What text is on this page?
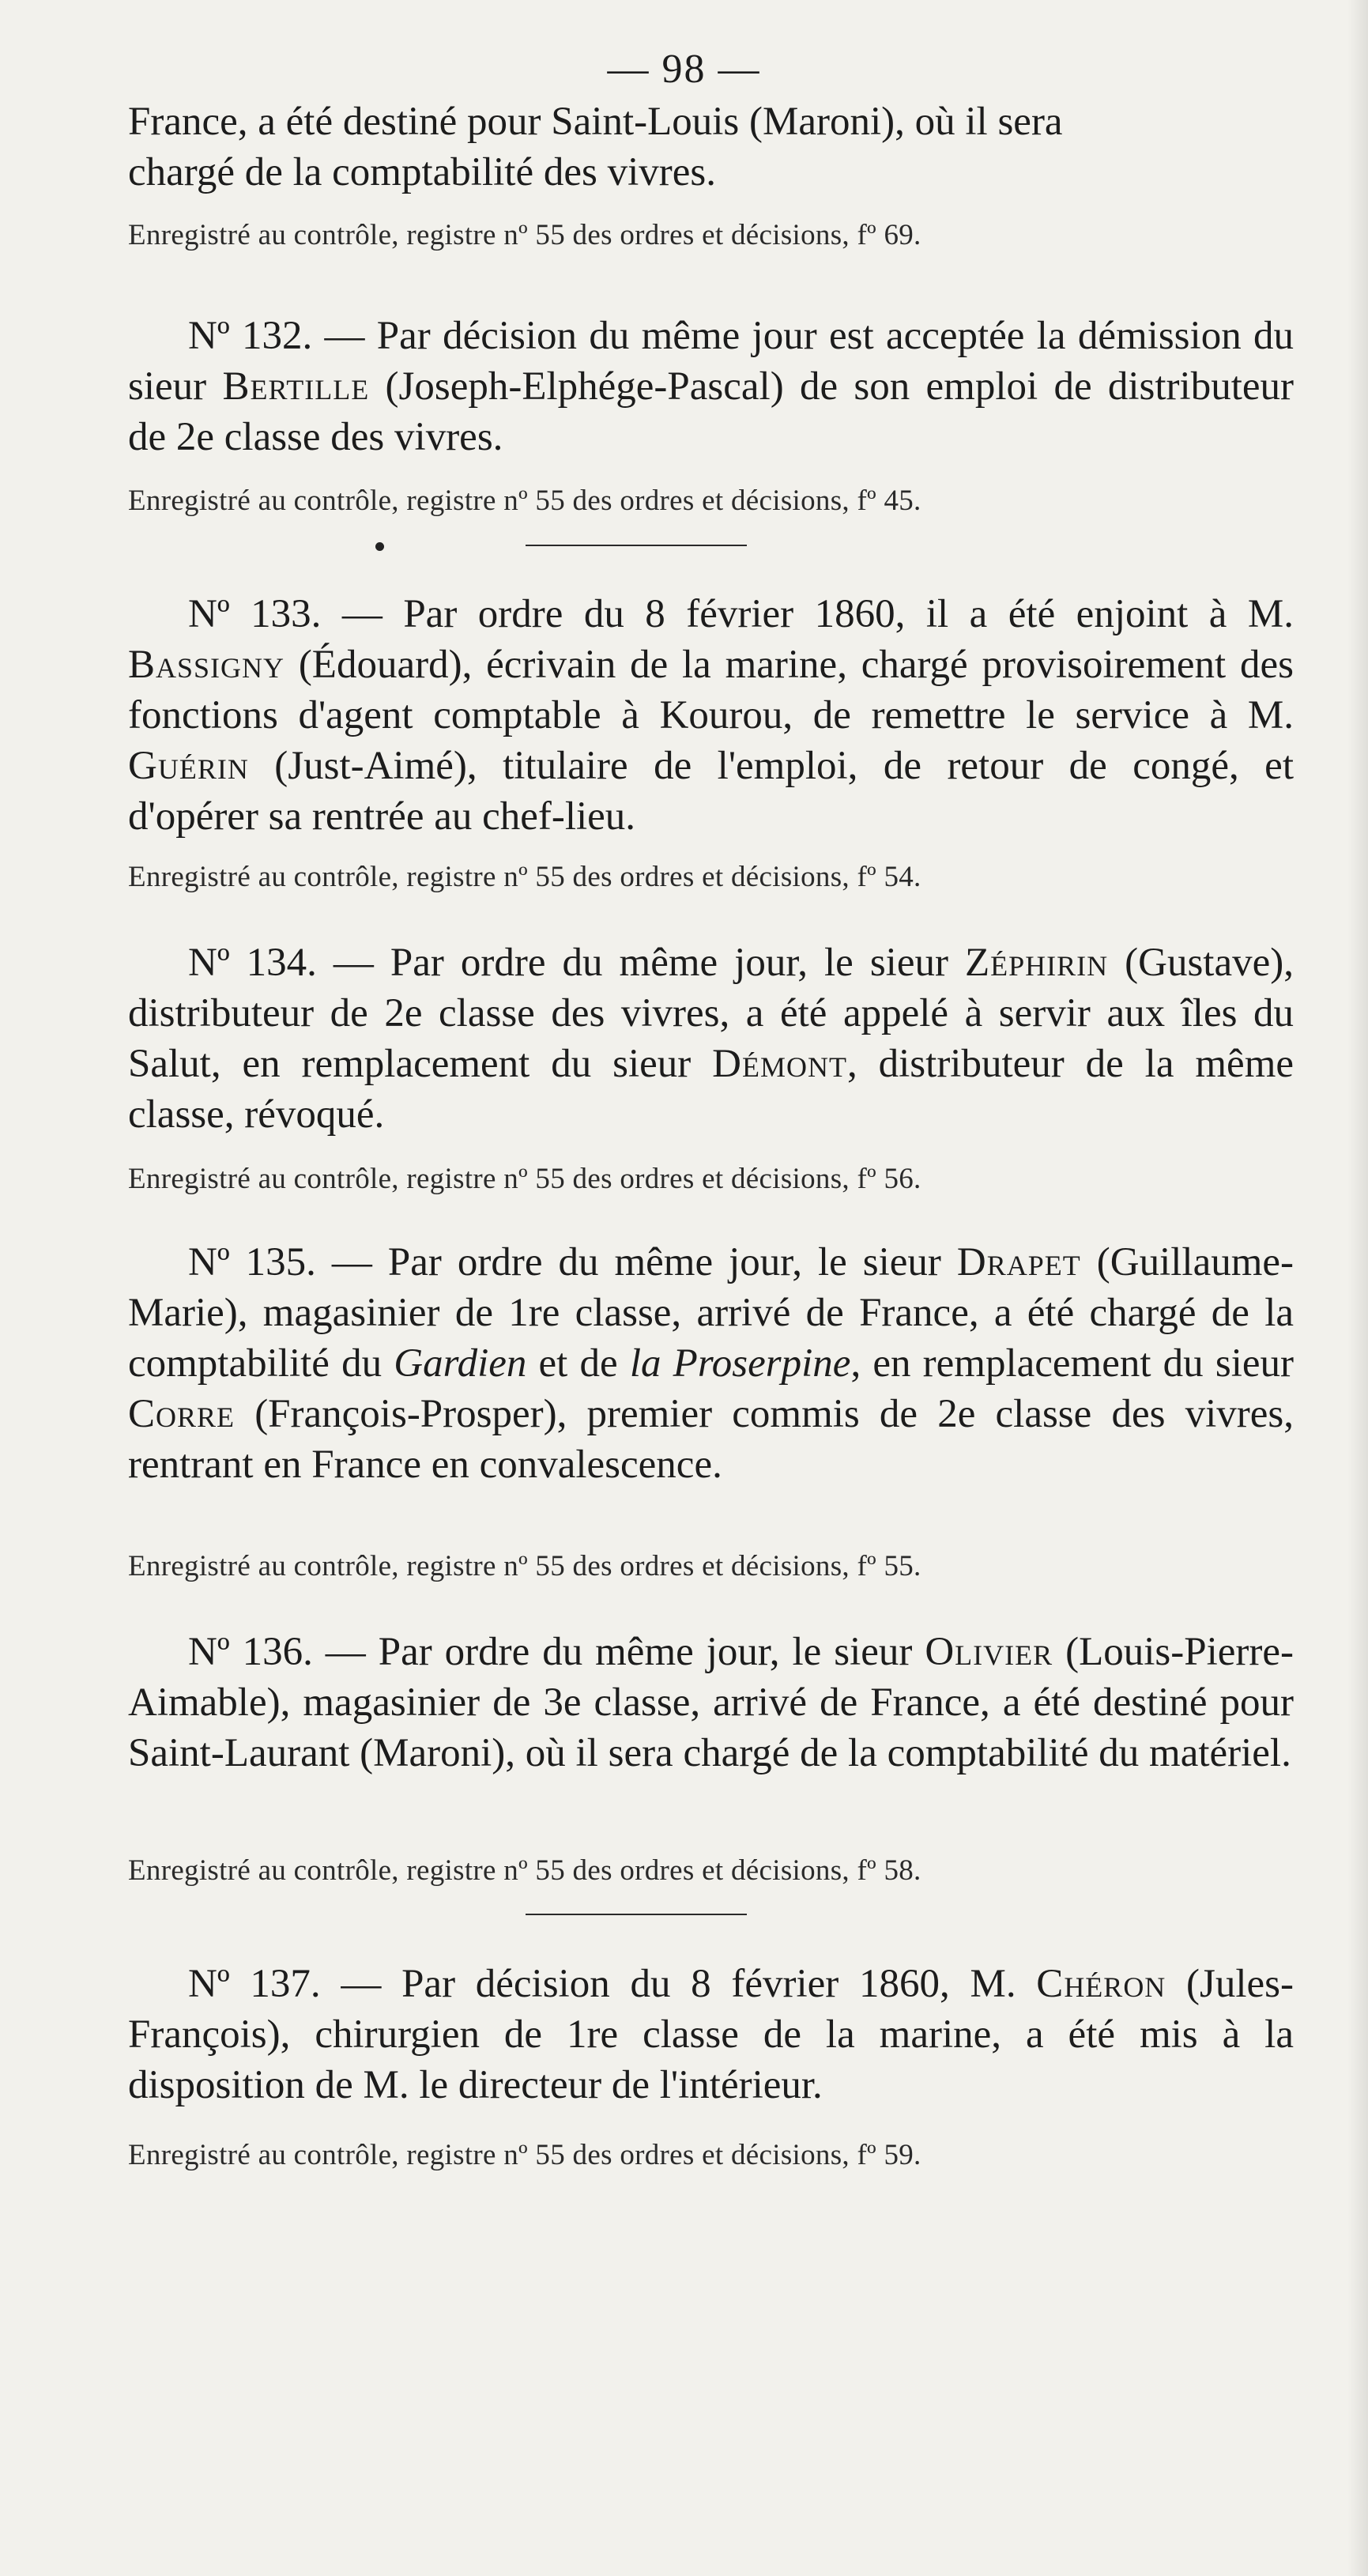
— 98 —

France, a été destiné pour Saint-Louis (Maroni), où il sera

chargé de la comptabilité des vivres.

Enregistré au contrôle, registre nº 55 des ordres et décisions, fº 69.

Nº 132. — Par décision du même jour est acceptée la démission du sieur Bertille (Joseph-Elphége-Pascal) de son emploi de distributeur de 2e classe des vivres.

Enregistré au contrôle, registre nº 55 des ordres et décisions, fº 45.

Nº 133. — Par ordre du 8 février 1860, il a été enjoint à M. Bassigny (Édouard), écrivain de la marine, chargé provisoirement des fonctions d'agent comptable à Kourou, de remettre le service à M. Guérin (Just-Aimé), titulaire de l'emploi, de retour de congé, et d'opérer sa rentrée au chef-lieu.

Enregistré au contrôle, registre nº 55 des ordres et décisions, fº 54.

Nº 134. — Par ordre du même jour, le sieur Zéphirin (Gustave), distributeur de 2e classe des vivres, a été appelé à servir aux îles du Salut, en remplacement du sieur Démont, distributeur de la même classe, révoqué.

Enregistré au contrôle, registre nº 55 des ordres et décisions, fº 56.

Nº 135. — Par ordre du même jour, le sieur Drapet (Guillaume-Marie), magasinier de 1re classe, arrivé de France, a été chargé de la comptabilité du Gardien et de la Proserpine, en remplacement du sieur Corre (François-Prosper), premier commis de 2e classe des vivres, rentrant en France en convalescence.

Enregistré au contrôle, registre nº 55 des ordres et décisions, fº 55.

Nº 136. — Par ordre du même jour, le sieur Olivier (Louis-Pierre-Aimable), magasinier de 3e classe, arrivé de France, a été destiné pour Saint-Laurant (Maroni), où il sera chargé de la comptabilité du matériel.

Enregistré au contrôle, registre nº 55 des ordres et décisions, fº 58.

Nº 137. — Par décision du 8 février 1860, M. Chéron (Jules-François), chirurgien de 1re classe de la marine, a été mis à la disposition de M. le directeur de l'intérieur.

Enregistré au contrôle, registre nº 55 des ordres et décisions, fº 59.
